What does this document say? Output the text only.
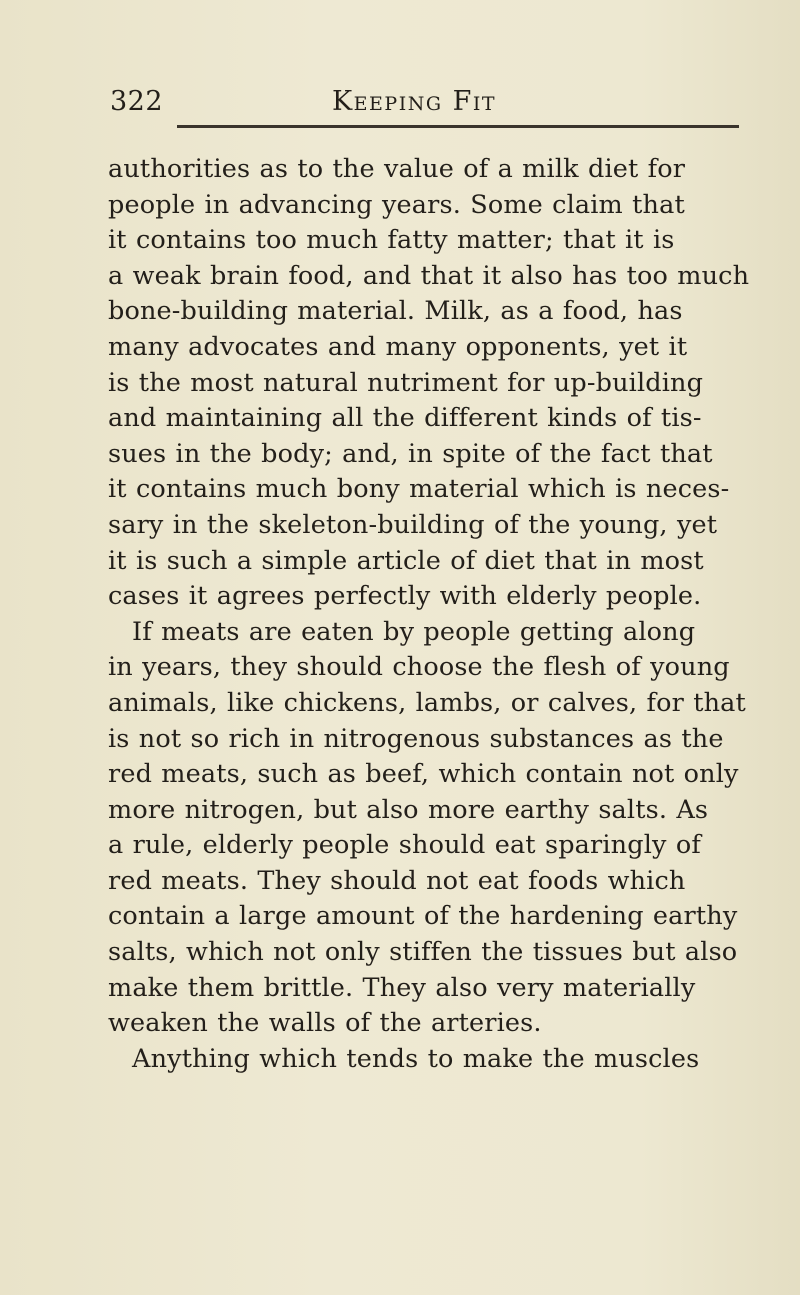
322	Keeping Fit
authorities as to the value of a milk diet for
people in advancing years. Some claim that
it contains too much fatty matter; that it is
a weak brain food, and that it also has too much
bone-building material. Milk, as a food, has
many advocates and many opponents, yet it
is the most natural nutriment for up-building
and maintaining all the different kinds of tis-
sues in the body; and, in spite of the fact that
it contains much bony material which is neces-
sary in the skeleton-building of the young, yet
it is such a simple article of diet that in most
cases it agrees perfectly with elderly people.
If meats are eaten by people getting along
in years, they should choose the flesh of young
animals, like chickens, lambs, or calves, for that
is not so rich in nitrogenous substances as the
red meats, such as beef, which contain not only
more nitrogen, but also more earthy salts. As
a rule, elderly people should eat sparingly of
red meats. They should not eat foods which
contain a large amount of the hardening earthy
salts, which not only stiffen the tissues but also
make them brittle. They also very materially
weaken the walls of the arteries.
Anything which tends to make the muscles
